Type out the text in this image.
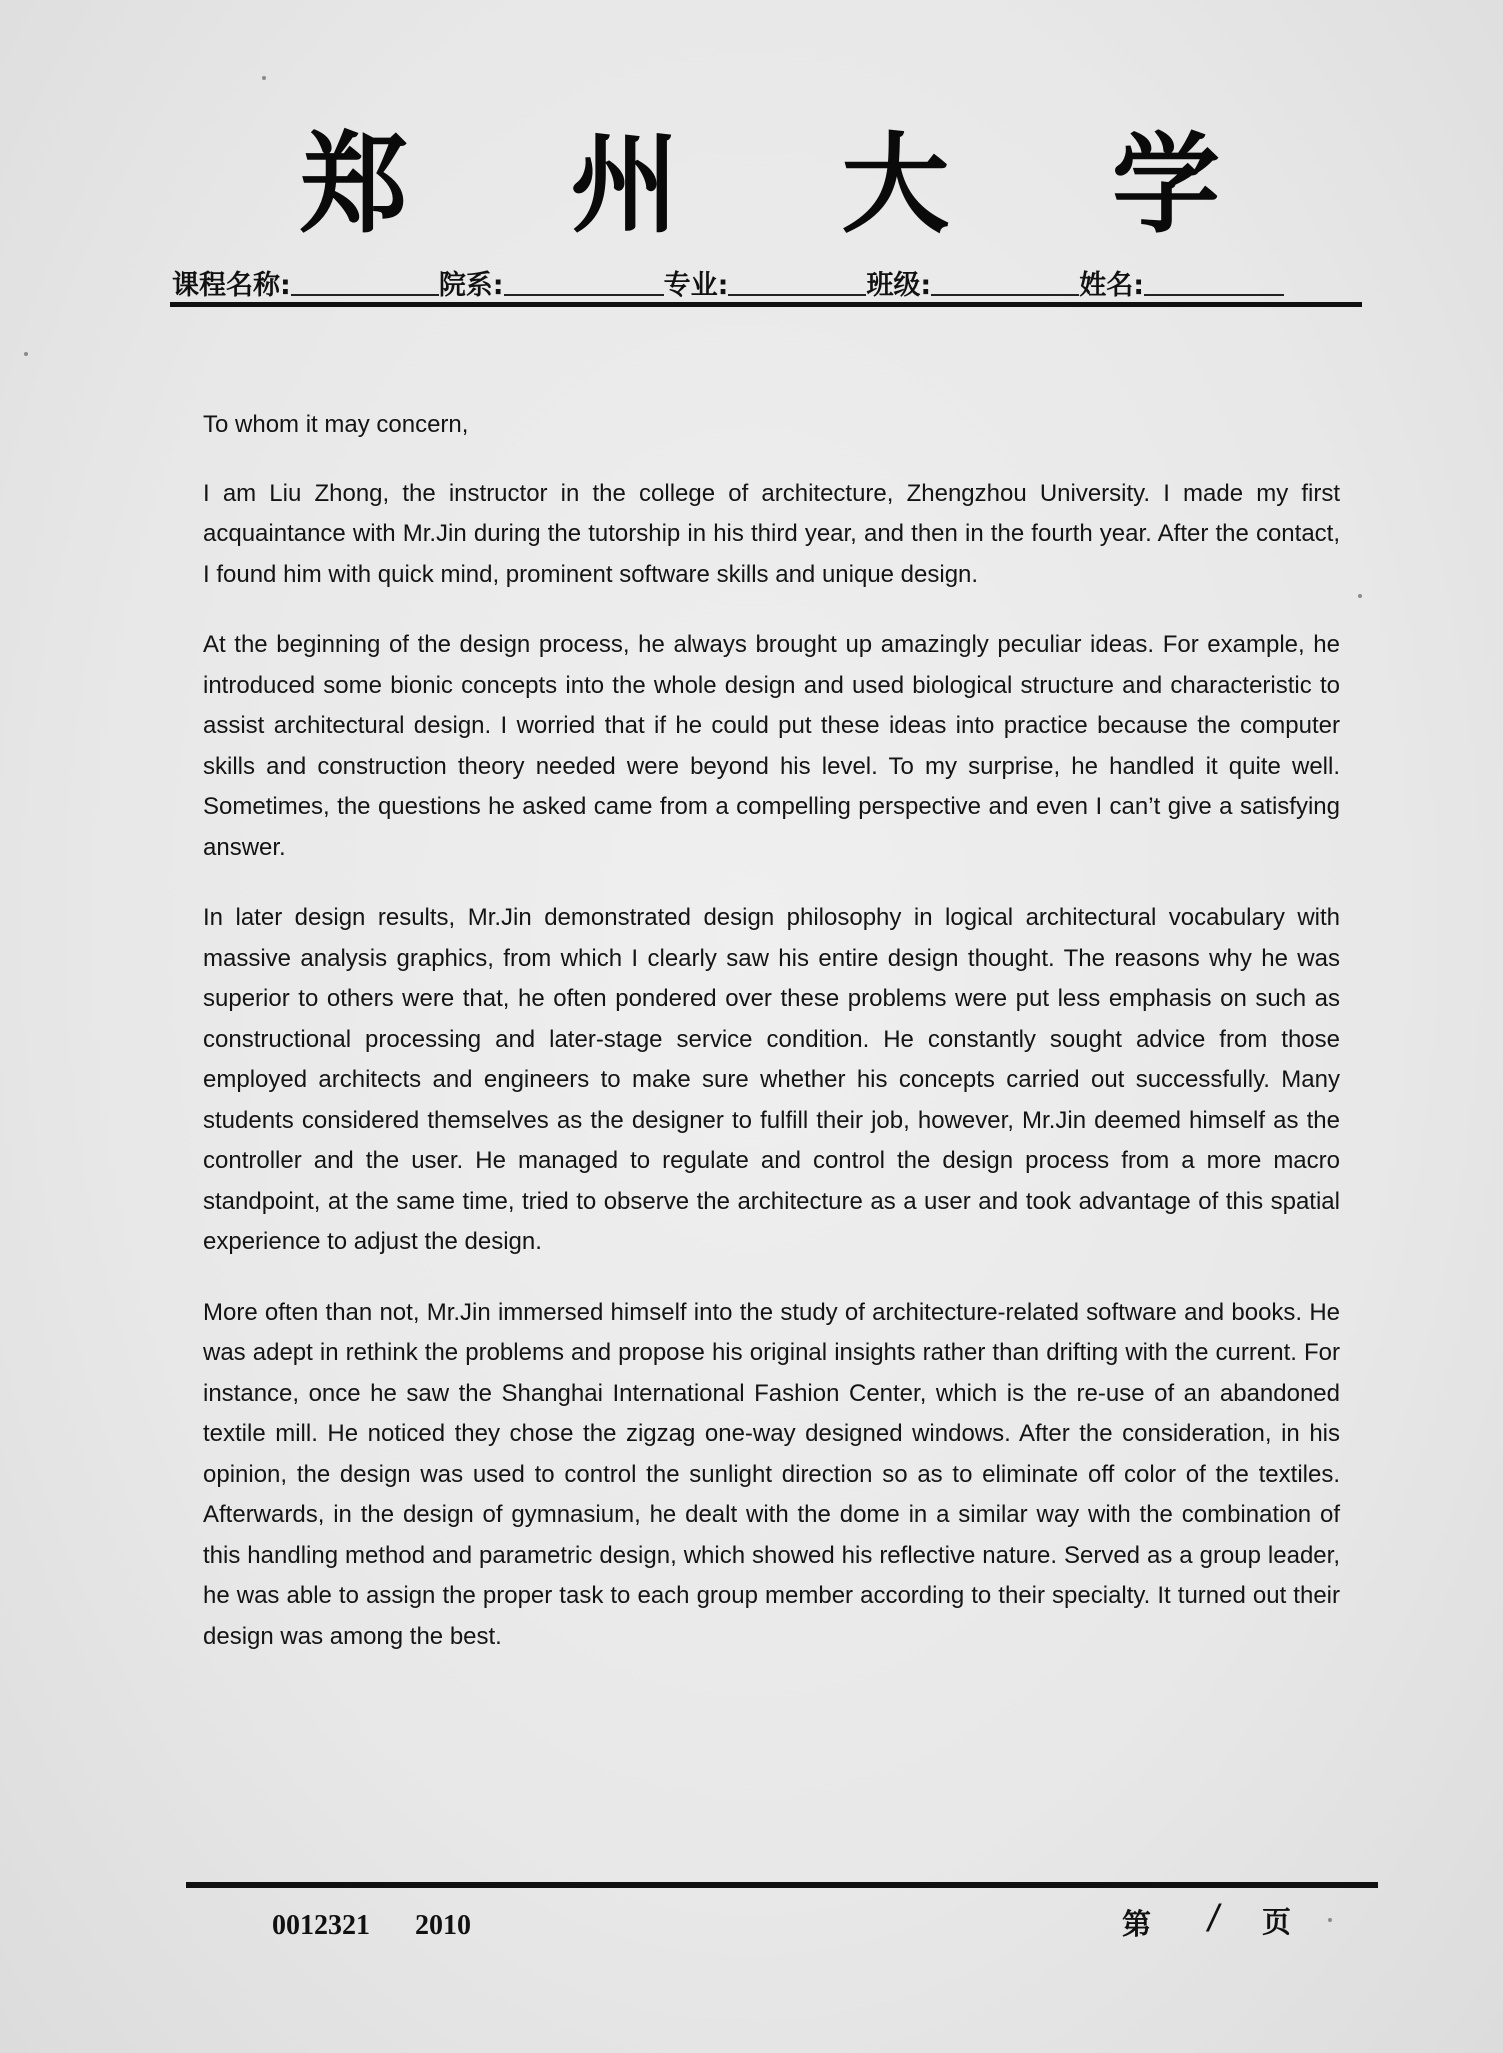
郑 州 大 学
课程名称:	院系:	专业:	班级:	姓名:

To whom it may concern,

I am Liu Zhong, the instructor in the college of architecture, Zhengzhou University. I made my first acquaintance with Mr.Jin during the tutorship in his third year, and then in the fourth year. After the contact, I found him with quick mind, prominent software skills and unique design.

At the beginning of the design process, he always brought up amazingly peculiar ideas. For example, he introduced some bionic concepts into the whole design and used biological structure and characteristic to assist architectural design. I worried that if he could put these ideas into practice because the computer skills and construction theory needed were beyond his level. To my surprise, he handled it quite well. Sometimes, the questions he asked came from a compelling perspective and even I can’t give a satisfying answer.

In later design results, Mr.Jin demonstrated design philosophy in logical architectural vocabulary with massive analysis graphics, from which I clearly saw his entire design thought. The reasons why he was superior to others were that, he often pondered over these problems were put less emphasis on such as constructional processing and later-stage service condition. He constantly sought advice from those employed architects and engineers to make sure whether his concepts carried out successfully. Many students considered themselves as the designer to fulfill their job, however, Mr.Jin deemed himself as the controller and the user. He managed to regulate and control the design process from a more macro standpoint, at the same time, tried to observe the architecture as a user and took advantage of this spatial experience to adjust the design.

More often than not, Mr.Jin immersed himself into the study of architecture-related software and books. He was adept in rethink the problems and propose his original insights rather than drifting with the current. For instance, once he saw the Shanghai International Fashion Center, which is the re-use of an abandoned textile mill. He noticed they chose the zigzag one-way designed windows. After the consideration, in his opinion, the design was used to control the sunlight direction so as to eliminate off color of the textiles. Afterwards, in the design of gymnasium, he dealt with the dome in a similar way with the combination of this handling method and parametric design, which showed his reflective nature. Served as a group leader, he was able to assign the proper task to each group member according to their specialty. It turned out their design was among the best.

0012321 2010	第 / 页
